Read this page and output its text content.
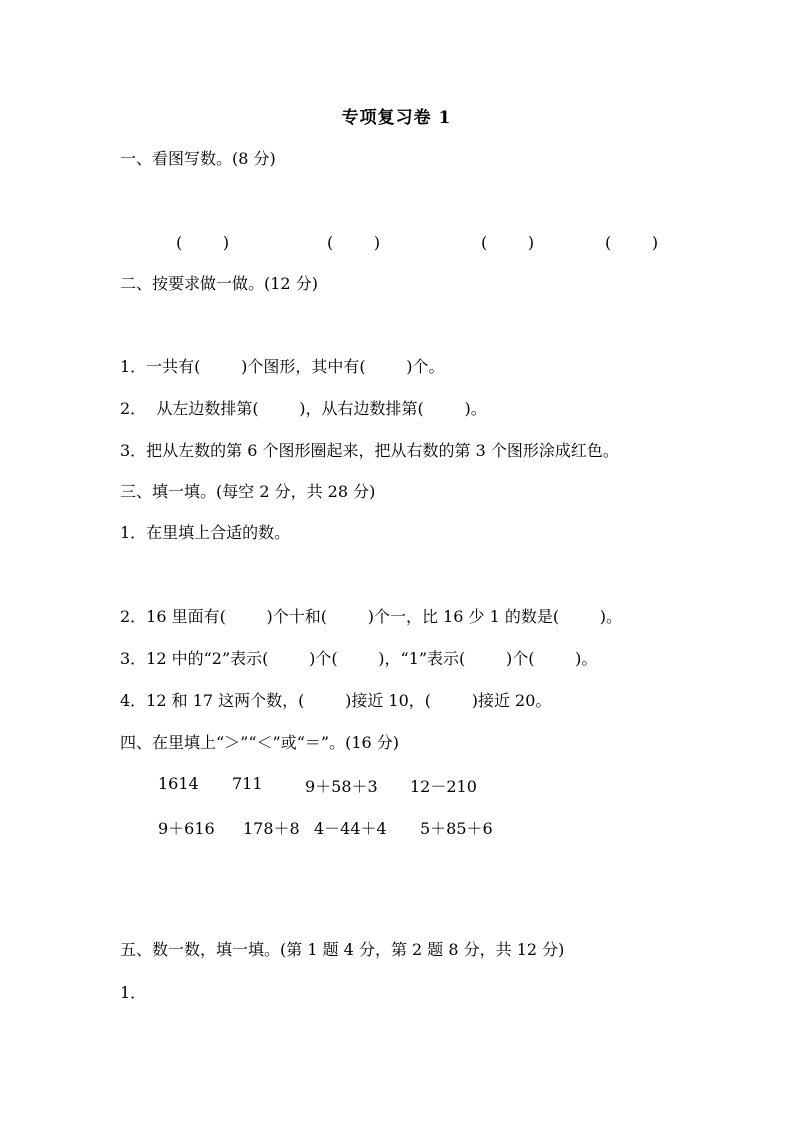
专项复习卷 1
一、看图写数。(8 分)
(        )	(        )	(        )	(        )
二、按要求做一做。(12 分)
1．一共有(        )个图形，其中有(        )个。
2．  从左边数排第(        )，从右边数排第(        )。
3．把从左数的第 6 个图形圈起来，把从右数的第 3 个图形涂成红色。
三、填一填。(每空 2 分，共 28 分)
1．在里填上合适的数。
2．16 里面有(        )个十和(        )个一，比 16 少 1 的数是(        )。
3．12 中的“2”表示(        )个(        )，“1”表示(        )个(        )。
4．12 和 17 这两个数，(        )接近 10，(        )接近 20。
四、在里填上“＞”“＜”或“＝”。(16 分)
1614 711	9＋58＋3 12－210
9＋616 178＋8 4－44＋4 5＋85＋6
五、数一数，填一填。(第 1 题 4 分，第 2 题 8 分，共 12 分)
1．
